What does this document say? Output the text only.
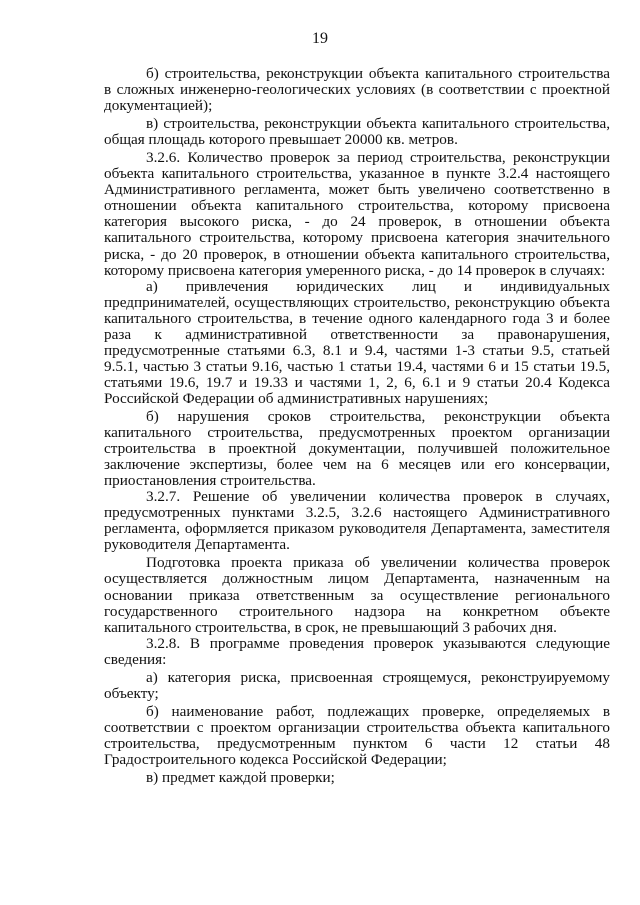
19

б) строительства, реконструкции объекта капитального строительства в сложных инженерно-геологических условиях (в соответствии с проектной документацией);

в) строительства, реконструкции объекта капитального строительства, общая площадь которого превышает 20000 кв. метров.

3.2.6. Количество проверок за период строительства, реконструкции объекта капитального строительства, указанное в пункте 3.2.4 настоящего Административного регламента, может быть увеличено соответственно в отношении объекта капитального строительства, которому присвоена категория высокого риска, - до 24 проверок, в отношении объекта капитального строительства, которому присвоена категория значительного риска, - до 20 проверок, в отношении объекта капитального строительства, которому присвоена категория умеренного риска, - до 14 проверок в случаях:

а) привлечения юридических лиц и индивидуальных предпринимателей, осуществляющих строительство, реконструкцию объекта капитального строительства, в течение одного календарного года 3 и более раза к административной ответственности за правонарушения, предусмотренные статьями 6.3, 8.1 и 9.4, частями 1-3 статьи 9.5, статьей 9.5.1, частью 3 статьи 9.16, частью 1 статьи 19.4, частями 6 и 15 статьи 19.5, статьями 19.6, 19.7 и 19.33 и частями 1, 2, 6, 6.1 и 9 статьи 20.4 Кодекса Российской Федерации об административных нарушениях;

б) нарушения сроков строительства, реконструкции объекта капитального строительства, предусмотренных проектом организации строительства в проектной документации, получившей положительное заключение экспертизы, более чем на 6 месяцев или его консервации, приостановления строительства.

3.2.7. Решение об увеличении количества проверок в случаях, предусмотренных пунктами 3.2.5, 3.2.6 настоящего Административного регламента, оформляется приказом руководителя Департамента, заместителя руководителя Департамента.

Подготовка проекта приказа об увеличении количества проверок осуществляется должностным лицом Департамента, назначенным на основании приказа ответственным за осуществление регионального государственного строительного надзора на конкретном объекте капитального строительства, в срок, не превышающий 3 рабочих дня.

3.2.8. В программе проведения проверок указываются следующие сведения:

а) категория риска, присвоенная строящемуся, реконструируемому объекту;

б) наименование работ, подлежащих проверке, определяемых в соответствии с проектом организации строительства объекта капитального строительства, предусмотренным пунктом 6 части 12 статьи 48 Градостроительного кодекса Российской Федерации;

в) предмет каждой проверки;
